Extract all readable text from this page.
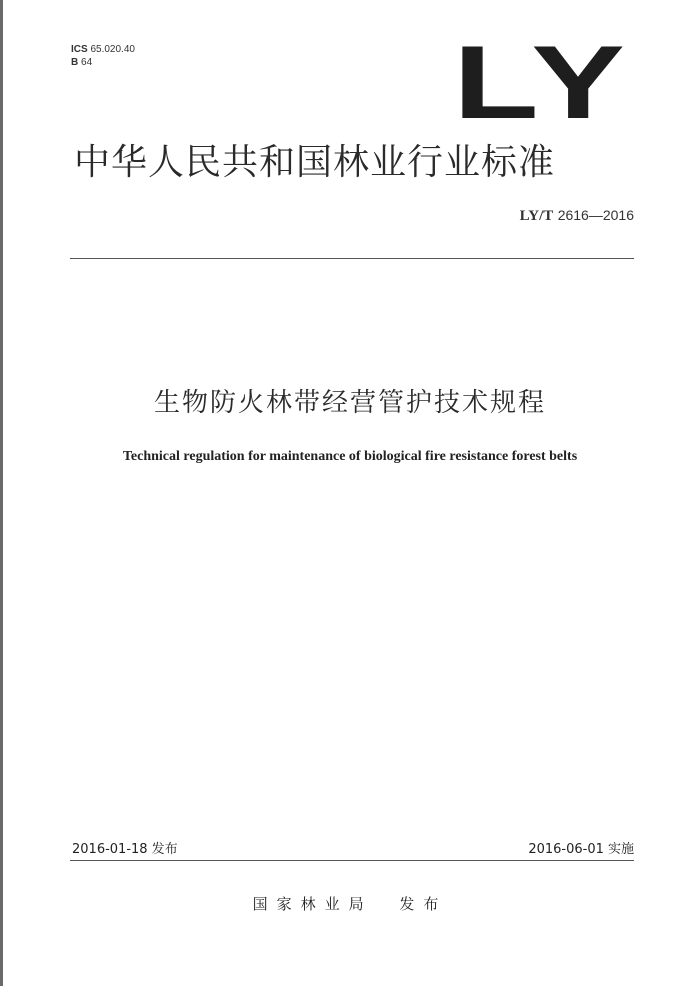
ICS 65.020.40
B 64	LY
中华人民共和国林业行业标准
LY/T 2616—2016
生物防火林带经营管护技术规程
Technical regulation for maintenance of biological fire resistance forest belts
2016-01-18 发布	2016-06-01 实施
国家林业局 发布
